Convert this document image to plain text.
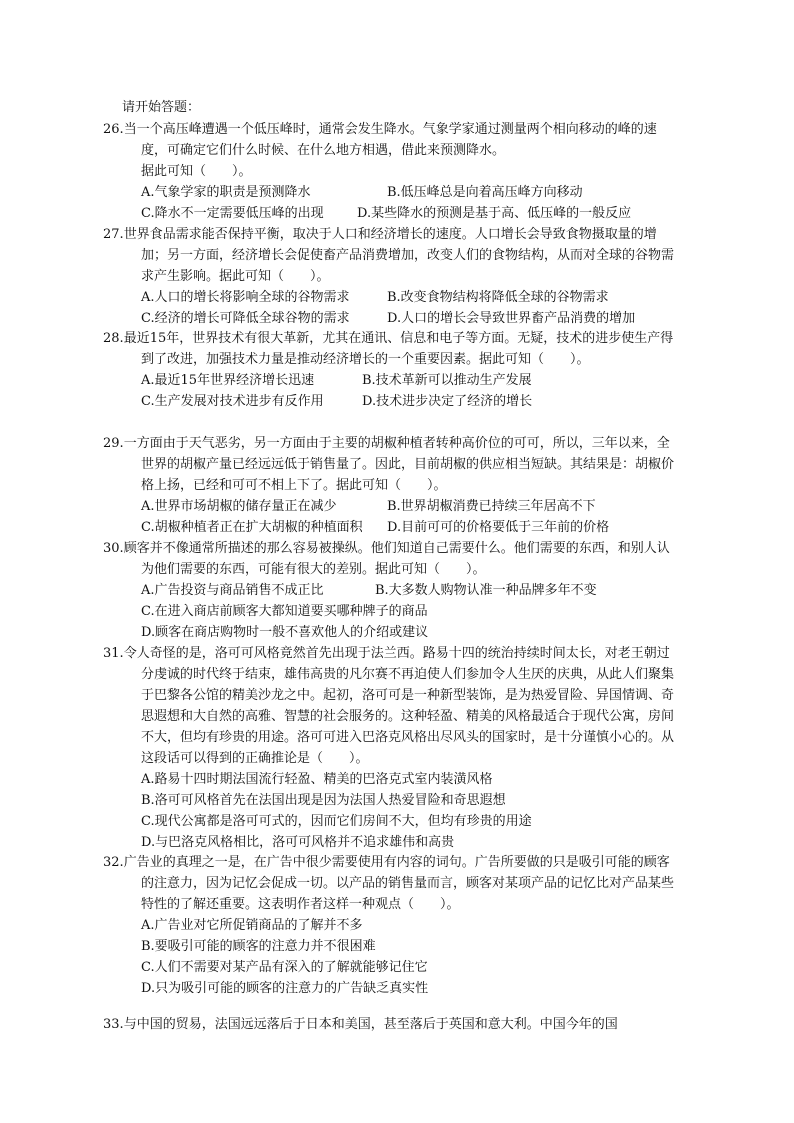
请开始答题：
26.当一个高压峰遭遇一个低压峰时，通常会发生降水。气象学家通过测量两个相向移动的峰的速度，可确定它们什么时候、在什么地方相遇，借此来预测降水。
据此可知（　　）。
A.气象学家的职责是预测降水	B.低压峰总是向着高压峰方向移动
C.降水不一定需要低压峰的出现	D.某些降水的预测是基于高、低压峰的一般反应
27.世界食品需求能否保持平衡，取决于人口和经济增长的速度。人口增长会导致食物摄取量的增加；另一方面，经济增长会促使畜产品消费增加，改变人们的食物结构，从而对全球的谷物需求产生影响。据此可知（　　）。
A.人口的增长将影响全球的谷物需求	B.改变食物结构将降低全球的谷物需求
C.经济的增长可降低全球谷物的需求	D.人口的增长会导致世界畜产品消费的增加
28.最近15年，世界技术有很大革新，尤其在通讯、信息和电子等方面。无疑，技术的进步使生产得到了改进，加强技术力量是推动经济增长的一个重要因素。据此可知（　　）。
A.最近15年世界经济增长迅速	B.技术革新可以推动生产发展
C.生产发展对技术进步有反作用	D.技术进步决定了经济的增长
29.一方面由于天气恶劣，另一方面由于主要的胡椒种植者转种高价位的可可，所以，三年以来，全世界的胡椒产量已经远远低于销售量了。因此，目前胡椒的供应相当短缺。其结果是：胡椒价格上扬，已经和可可不相上下了。据此可知（　　）。
A.世界市场胡椒的储存量正在减少	B.世界胡椒消费已持续三年居高不下
C.胡椒种植者正在扩大胡椒的种植面积	D.目前可可的价格要低于三年前的价格
30.顾客并不像通常所描述的那么容易被操纵。他们知道自己需要什么。他们需要的东西，和别人认为他们需要的东西，可能有很大的差别。据此可知（　　）。
A.广告投资与商品销售不成正比	B.大多数人购物认准一种品牌多年不变
C.在进入商店前顾客大都知道要买哪种牌子的商品
D.顾客在商店购物时一般不喜欢他人的介绍或建议
31.令人奇怪的是，洛可可风格竟然首先出现于法兰西。路易十四的统治持续时间太长，对老王朝过分虔诚的时代终于结束，雄伟高贵的凡尔赛不再迫使人们参加令人生厌的庆典，从此人们聚集于巴黎各公馆的精美沙龙之中。起初，洛可可是一种新型装饰，是为热爱冒险、异国情调、奇思遐想和大自然的高雅、智慧的社会服务的。这种轻盈、精美的风格最适合于现代公寓，房间不大，但均有珍贵的用途。洛可可进入巴洛克风格出尽风头的国家时，是十分谨慎小心的。从这段话可以得到的正确推论是（　　）。
A.路易十四时期法国流行轻盈、精美的巴洛克式室内装潢风格
B.洛可可风格首先在法国出现是因为法国人热爱冒险和奇思遐想
C.现代公寓都是洛可可式的，因而它们房间不大，但均有珍贵的用途
D.与巴洛克风格相比，洛可可风格并不追求雄伟和高贵
32.广告业的真理之一是，在广告中很少需要使用有内容的词句。广告所要做的只是吸引可能的顾客的注意力，因为记忆会促成一切。以产品的销售量而言，顾客对某项产品的记忆比对产品某些特性的了解还重要。这表明作者这样一种观点（　　）。
A.广告业对它所促销商品的了解并不多
B.要吸引可能的顾客的注意力并不很困难
C.人们不需要对某产品有深入的了解就能够记住它
D.只为吸引可能的顾客的注意力的广告缺乏真实性
33.与中国的贸易，法国远远落后于日本和美国，甚至落后于英国和意大利。中国今年的国
